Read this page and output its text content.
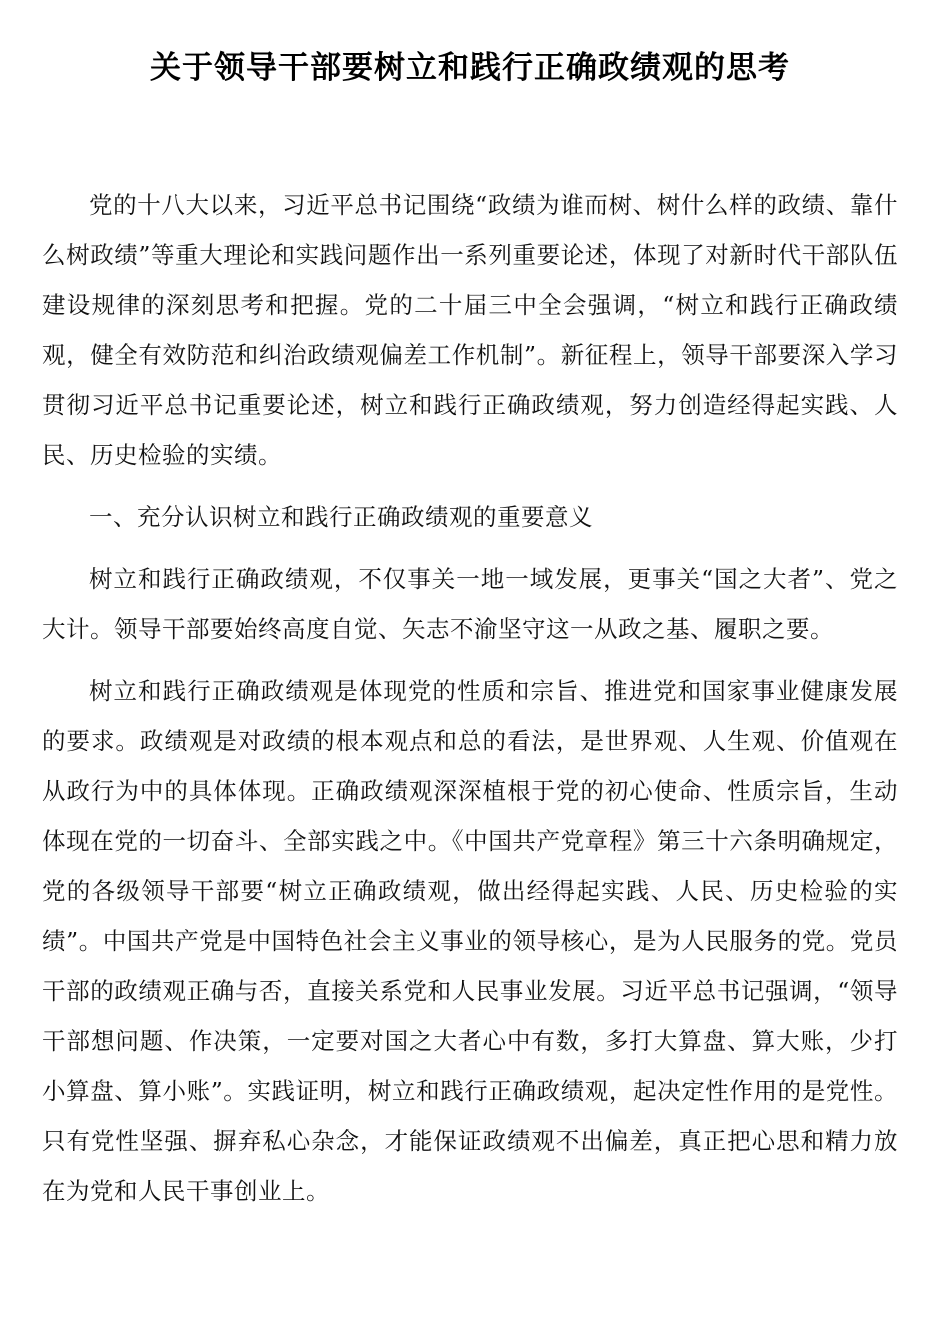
关于领导干部要树立和践行正确政绩观的思考

党的十八大以来，习近平总书记围绕“政绩为谁而树、树什么样的政绩、靠什么树政绩”等重大理论和实践问题作出一系列重要论述，体现了对新时代干部队伍建设规律的深刻思考和把握。党的二十届三中全会强调，“树立和践行正确政绩观，健全有效防范和纠治政绩观偏差工作机制”。新征程上，领导干部要深入学习贯彻习近平总书记重要论述，树立和践行正确政绩观，努力创造经得起实践、人民、历史检验的实绩。

一、充分认识树立和践行正确政绩观的重要意义

树立和践行正确政绩观，不仅事关一地一域发展，更事关“国之大者”、党之大计。领导干部要始终高度自觉、矢志不渝坚守这一从政之基、履职之要。

树立和践行正确政绩观是体现党的性质和宗旨、推进党和国家事业健康发展的要求。政绩观是对政绩的根本观点和总的看法，是世界观、人生观、价值观在从政行为中的具体体现。正确政绩观深深植根于党的初心使命、性质宗旨，生动体现在党的一切奋斗、全部实践之中。《中国共产党章程》第三十六条明确规定，党的各级领导干部要“树立正确政绩观，做出经得起实践、人民、历史检验的实绩”。中国共产党是中国特色社会主义事业的领导核心，是为人民服务的党。党员干部的政绩观正确与否，直接关系党和人民事业发展。习近平总书记强调，“领导干部想问题、作决策，一定要对国之大者心中有数，多打大算盘、算大账，少打小算盘、算小账”。实践证明，树立和践行正确政绩观，起决定性作用的是党性。只有党性坚强、摒弃私心杂念，才能保证政绩观不出偏差，真正把心思和精力放在为党和人民干事创业上。
